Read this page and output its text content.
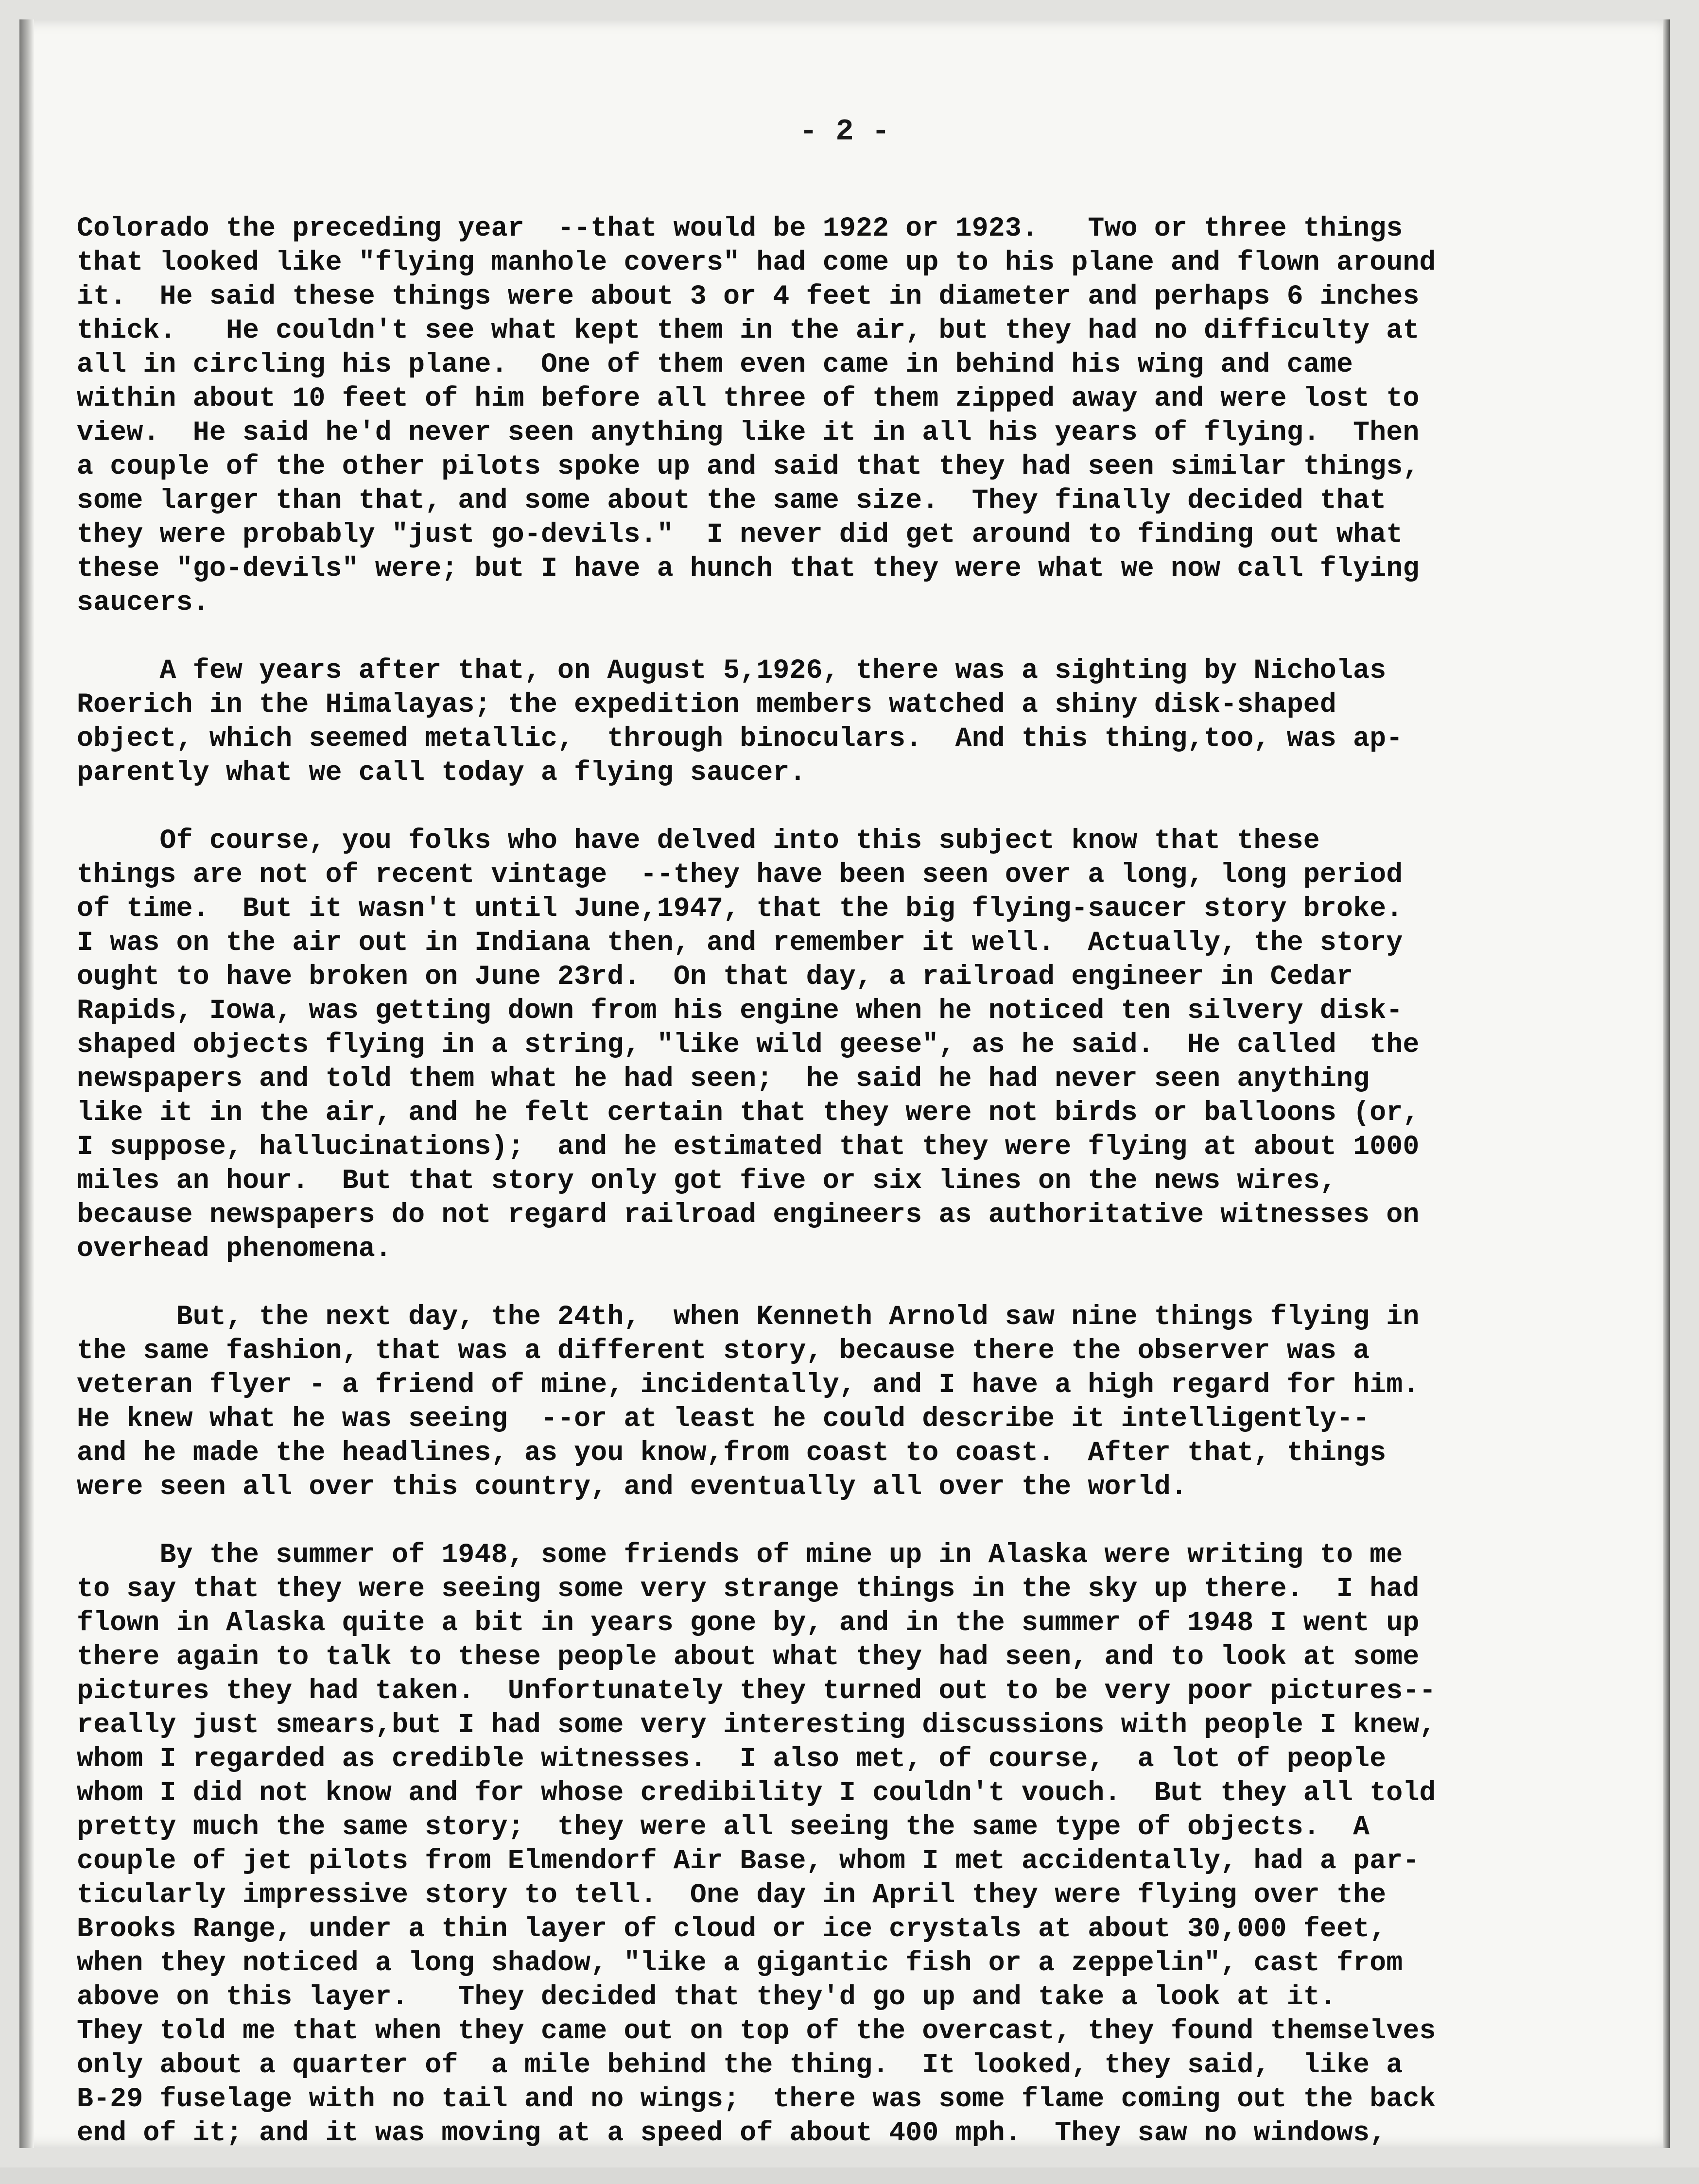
- 2 -
Colorado the preceding year  --that would be 1922 or 1923.   Two or three things
that looked like "flying manhole covers" had come up to his plane and flown around
it.  He said these things were about 3 or 4 feet in diameter and perhaps 6 inches
thick.   He couldn't see what kept them in the air, but they had no difficulty at
all in circling his plane.  One of them even came in behind his wing and came
within about 10 feet of him before all three of them zipped away and were lost to
view.  He said he'd never seen anything like it in all his years of flying.  Then
a couple of the other pilots spoke up and said that they had seen similar things,
some larger than that, and some about the same size.  They finally decided that
they were probably "just go-devils."  I never did get around to finding out what
these "go-devils" were; but I have a hunch that they were what we now call flying
saucers.
A few years after that, on August 5,1926, there was a sighting by Nicholas
Roerich in the Himalayas; the expedition members watched a shiny disk-shaped
object, which seemed metallic,  through binoculars.  And this thing,too, was ap-
parently what we call today a flying saucer.
Of course, you folks who have delved into this subject know that these
things are not of recent vintage  --they have been seen over a long, long period
of time.  But it wasn't until June,1947, that the big flying-saucer story broke.
I was on the air out in Indiana then, and remember it well.  Actually, the story
ought to have broken on June 23rd.  On that day, a railroad engineer in Cedar
Rapids, Iowa, was getting down from his engine when he noticed ten silvery disk-
shaped objects flying in a string, "like wild geese", as he said.  He called  the
newspapers and told them what he had seen;  he said he had never seen anything
like it in the air, and he felt certain that they were not birds or balloons (or,
I suppose, hallucinations);  and he estimated that they were flying at about 1000
miles an hour.  But that story only got five or six lines on the news wires,
because newspapers do not regard railroad engineers as authoritative witnesses on
overhead phenomena.
But, the next day, the 24th,  when Kenneth Arnold saw nine things flying in
the same fashion, that was a different story, because there the observer was a
veteran flyer - a friend of mine, incidentally, and I have a high regard for him.
He knew what he was seeing  --or at least he could describe it intelligently--
and he made the headlines, as you know,from coast to coast.  After that, things
were seen all over this country, and eventually all over the world.
By the summer of 1948, some friends of mine up in Alaska were writing to me
to say that they were seeing some very strange things in the sky up there.  I had
flown in Alaska quite a bit in years gone by, and in the summer of 1948 I went up
there again to talk to these people about what they had seen, and to look at some
pictures they had taken.  Unfortunately they turned out to be very poor pictures--
really just smears,but I had some very interesting discussions with people I knew,
whom I regarded as credible witnesses.  I also met, of course,  a lot of people
whom I did not know and for whose credibility I couldn't vouch.  But they all told
pretty much the same story;  they were all seeing the same type of objects.  A
couple of jet pilots from Elmendorf Air Base, whom I met accidentally, had a par-
ticularly impressive story to tell.  One day in April they were flying over the
Brooks Range, under a thin layer of cloud or ice crystals at about 30,000 feet,
when they noticed a long shadow, "like a gigantic fish or a zeppelin", cast from
above on this layer.   They decided that they'd go up and take a look at it.
They told me that when they came out on top of the overcast, they found themselves
only about a quarter of  a mile behind the thing.  It looked, they said,  like a
B-29 fuselage with no tail and no wings;  there was some flame coming out the back
end of it; and it was moving at a speed of about 400 mph.  They saw no windows,
